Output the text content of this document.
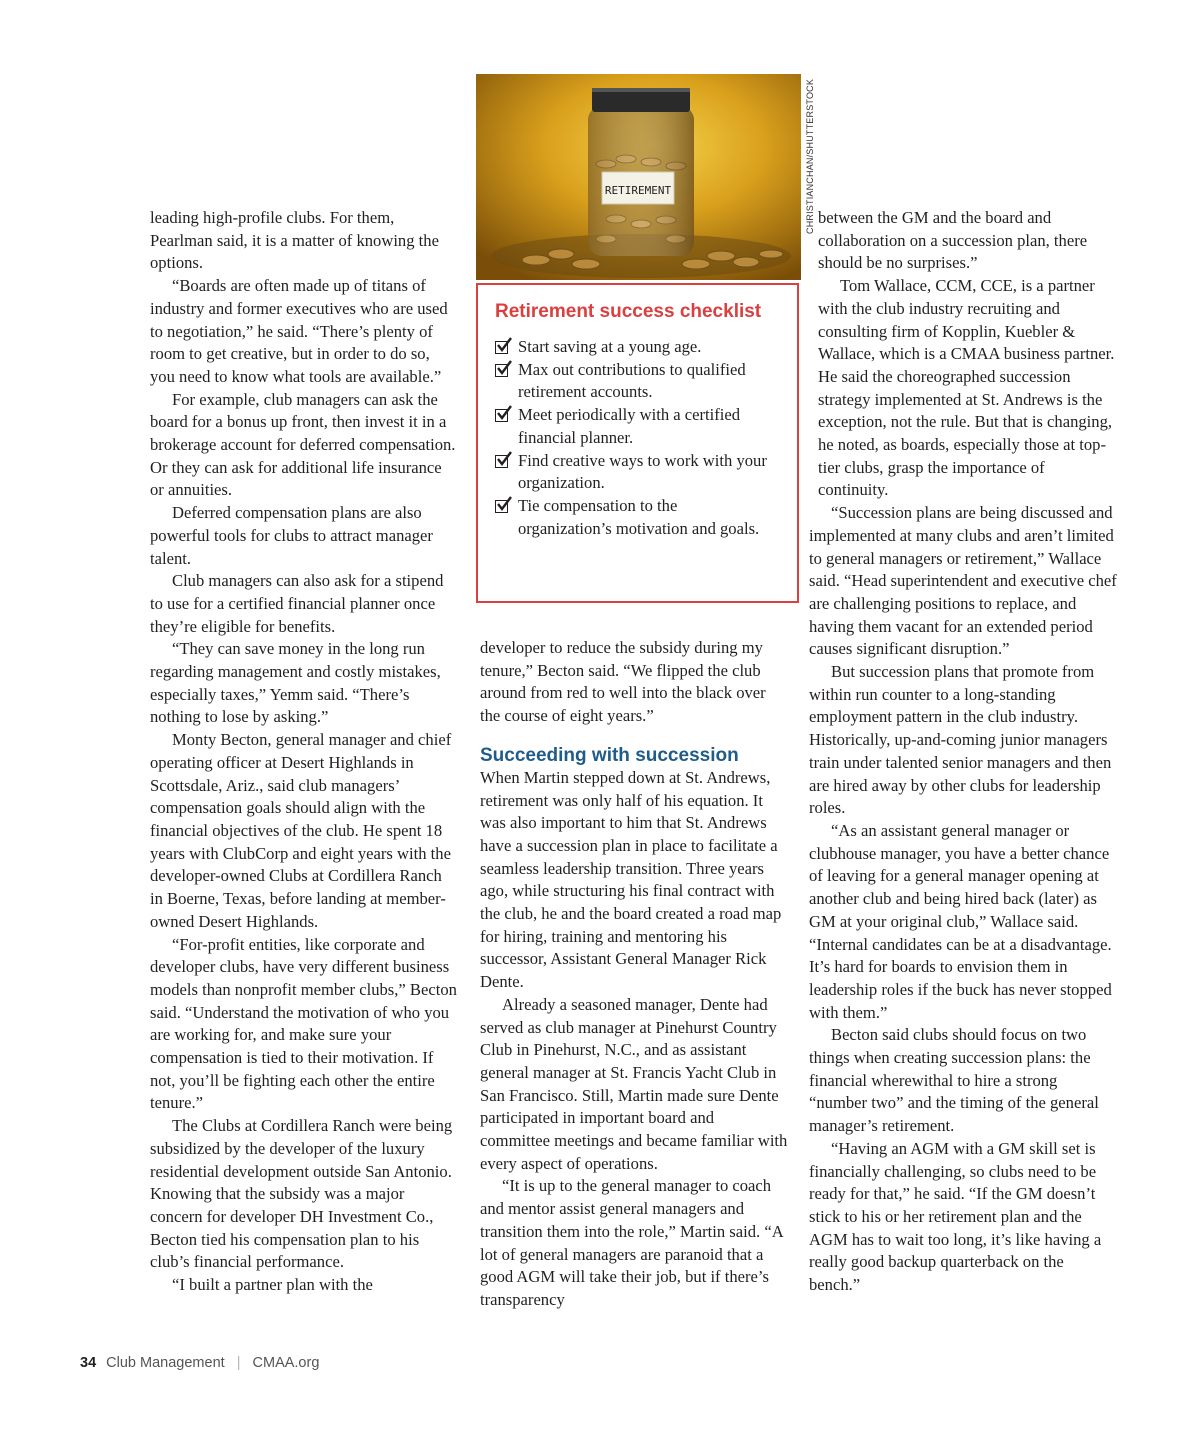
RETIREMENT	CHRISTIANCHAN/SHUTTERSTOCK
Retirement success checklist
Start saving at a young age.
Max out contributions to qualified retirement accounts.
Meet periodically with a certified financial planner.
Find creative ways to work with your organization.
Tie compensation to the organization’s motivation and goals.

leading high-profile clubs. For them, Pearlman said, it is a matter of knowing the options.

“Boards are often made up of titans of industry and former executives who are used to negotiation,” he said. “There’s plenty of room to get creative, but in order to do so, you need to know what tools are available.”

For example, club managers can ask the board for a bonus up front, then invest it in a brokerage account for deferred compensation. Or they can ask for additional life insurance or annuities.

Deferred compensation plans are also powerful tools for clubs to attract manager talent.

Club managers can also ask for a stipend to use for a certified financial planner once they’re eligible for benefits.

“They can save money in the long run regarding management and costly mistakes, especially taxes,” Yemm said. “There’s nothing to lose by asking.”

Monty Becton, general manager and chief operating officer at Desert Highlands in Scottsdale, Ariz., said club managers’ compensation goals should align with the financial objectives of the club. He spent 18 years with ClubCorp and eight years with the developer-owned Clubs at Cordillera Ranch in Boerne, Texas, before landing at member-owned Desert Highlands.

“For-profit entities, like corporate and developer clubs, have very different business models than nonprofit member clubs,” Becton said. “Understand the motivation of who you are working for, and make sure your compensation is tied to their motivation. If not, you’ll be fighting each other the entire tenure.”

The Clubs at Cordillera Ranch were being subsidized by the developer of the luxury residential development outside San Antonio. Knowing that the subsidy was a major concern for developer DH Investment Co., Becton tied his compensation plan to his club’s financial performance.

“I built a partner plan with the

developer to reduce the subsidy during my tenure,” Becton said. “We flipped the club around from red to well into the black over the course of eight years.”

Succeeding with succession

When Martin stepped down at St. Andrews, retirement was only half of his equation. It was also important to him that St. Andrews have a succession plan in place to facilitate a seamless leadership transition. Three years ago, while structuring his final contract with the club, he and the board created a road map for hiring, training and mentoring his successor, Assistant General Manager Rick Dente.

Already a seasoned manager, Dente had served as club manager at Pinehurst Country Club in Pinehurst, N.C., and as assistant general manager at St. Francis Yacht Club in San Francisco. Still, Martin made sure Dente participated in important board and committee meetings and became familiar with every aspect of operations.

“It is up to the general manager to coach and mentor assist general managers and transition them into the role,” Martin said. “A lot of general managers are paranoid that a good AGM will take their job, but if there’s transparency

between the GM and the board and collaboration on a succession plan, there should be no surprises.”

Tom Wallace, CCM, CCE, is a partner with the club industry recruiting and consulting firm of Kopplin, Kuebler & Wallace, which is a CMAA business partner. He said the choreographed succession strategy implemented at St. Andrews is the exception, not the rule. But that is changing, he noted, as boards, especially those at top-tier clubs, grasp the importance of continuity.

“Succession plans are being discussed and implemented at many clubs and aren’t limited to general managers or retirement,” Wallace said. “Head superintendent and executive chef are challenging positions to replace, and having them vacant for an extended period causes significant disruption.”

But succession plans that promote from within run counter to a long-standing employment pattern in the club industry. Historically, up-and-coming junior managers train under talented senior managers and then are hired away by other clubs for leadership roles.

“As an assistant general manager or clubhouse manager, you have a better chance of leaving for a general manager opening at another club and being hired back (later) as GM at your original club,” Wallace said. “Internal candidates can be at a disadvantage. It’s hard for boards to envision them in leadership roles if the buck has never stopped with them.”

Becton said clubs should focus on two things when creating succession plans: the financial wherewithal to hire a strong “number two” and the timing of the general manager’s retirement.

“Having an AGM with a GM skill set is financially challenging, so clubs need to be ready for that,” he said. “If the GM doesn’t stick to his or her retirement plan and the AGM has to wait too long, it’s like having a really good backup quarterback on the bench.”

34 Club Management | CMAA.org
